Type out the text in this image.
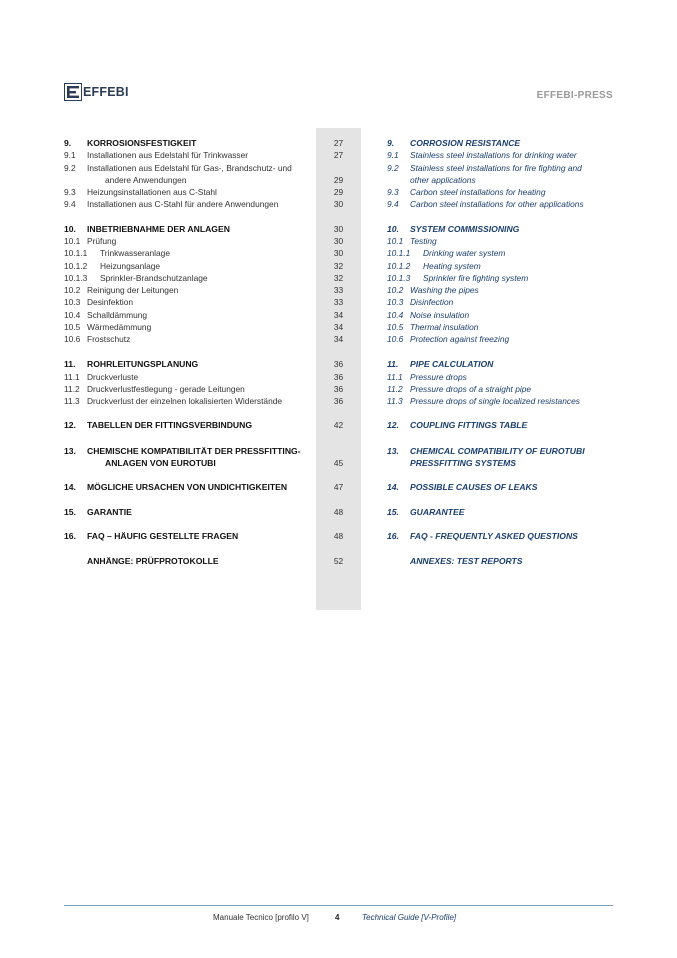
EFFEBI	EFFEBI-PRESS
9. KORROSIONSFESTIGKEIT	27	9. CORROSION RESISTANCE
9.1 Installationen aus Edelstahl für Trinkwasser	27	9.1 Stainless steel installations for drinking water
9.2 Installationen aus Edelstahl für Gas-, Brandschutz- und	9.2 Stainless steel installations for fire fighting and
andere Anwendungen	29	other applications
9.3 Heizungsinstallationen aus C-Stahl	29	9.3 Carbon steel installations for heating
9.4 Installationen aus C-Stahl für andere Anwendungen	30	9.4 Carbon steel installations for other applications
10. INBETRIEBNAHME DER ANLAGEN	30	10. SYSTEM COMMISSIONING
10.1 Prüfung	30	10.1 Testing
10.1.1 Trinkwasseranlage	30	10.1.1 Drinking water system
10.1.2 Heizungsanlage	32	10.1.2 Heating system
10.1.3 Sprinkler-Brandschutzanlage	32	10.1.3 Sprinkler fire fighting system
10.2 Reinigung der Leitungen	33	10.2 Washing the pipes
10.3 Desinfektion	33	10.3 Disinfection
10.4 Schalldämmung	34	10.4 Noise insulation
10.5 Wärmedämmung	34	10.5 Thermal insulation
10.6 Frostschutz	34	10.6 Protection against freezing
11. ROHRLEITUNGSPLANUNG	36	11. PIPE CALCULATION
11.1 Druckverluste	36	11.1 Pressure drops
11.2 Druckverlustfestlegung - gerade Leitungen	36	11.2 Pressure drops of a straight pipe
11.3 Druckverlust der einzelnen lokalisierten Widerstände	36	11.3 Pressure drops of single localized resistances
12. TABELLEN DER FITTINGSVERBINDUNG	42	12. COUPLING FITTINGS TABLE
13. CHEMISCHE KOMPATIBILITÄT DER PRESSFITTING-	13. CHEMICAL COMPATIBILITY OF EUROTUBI
ANLAGEN VON EUROTUBI	45	PRESSFITTING SYSTEMS
14. MÖGLICHE URSACHEN VON UNDICHTIGKEITEN	47	14. POSSIBLE CAUSES OF LEAKS
15. GARANTIE	48	15. GUARANTEE
16. FAQ – HÄUFIG GESTELLTE FRAGEN	48	16. FAQ - FREQUENTLY ASKED QUESTIONS
ANHÄNGE: PRÜFPROTOKOLLE	52	ANNEXES: TEST REPORTS
Manuale Tecnico [profilo V]	4	Technical Guide [V-Profile]
